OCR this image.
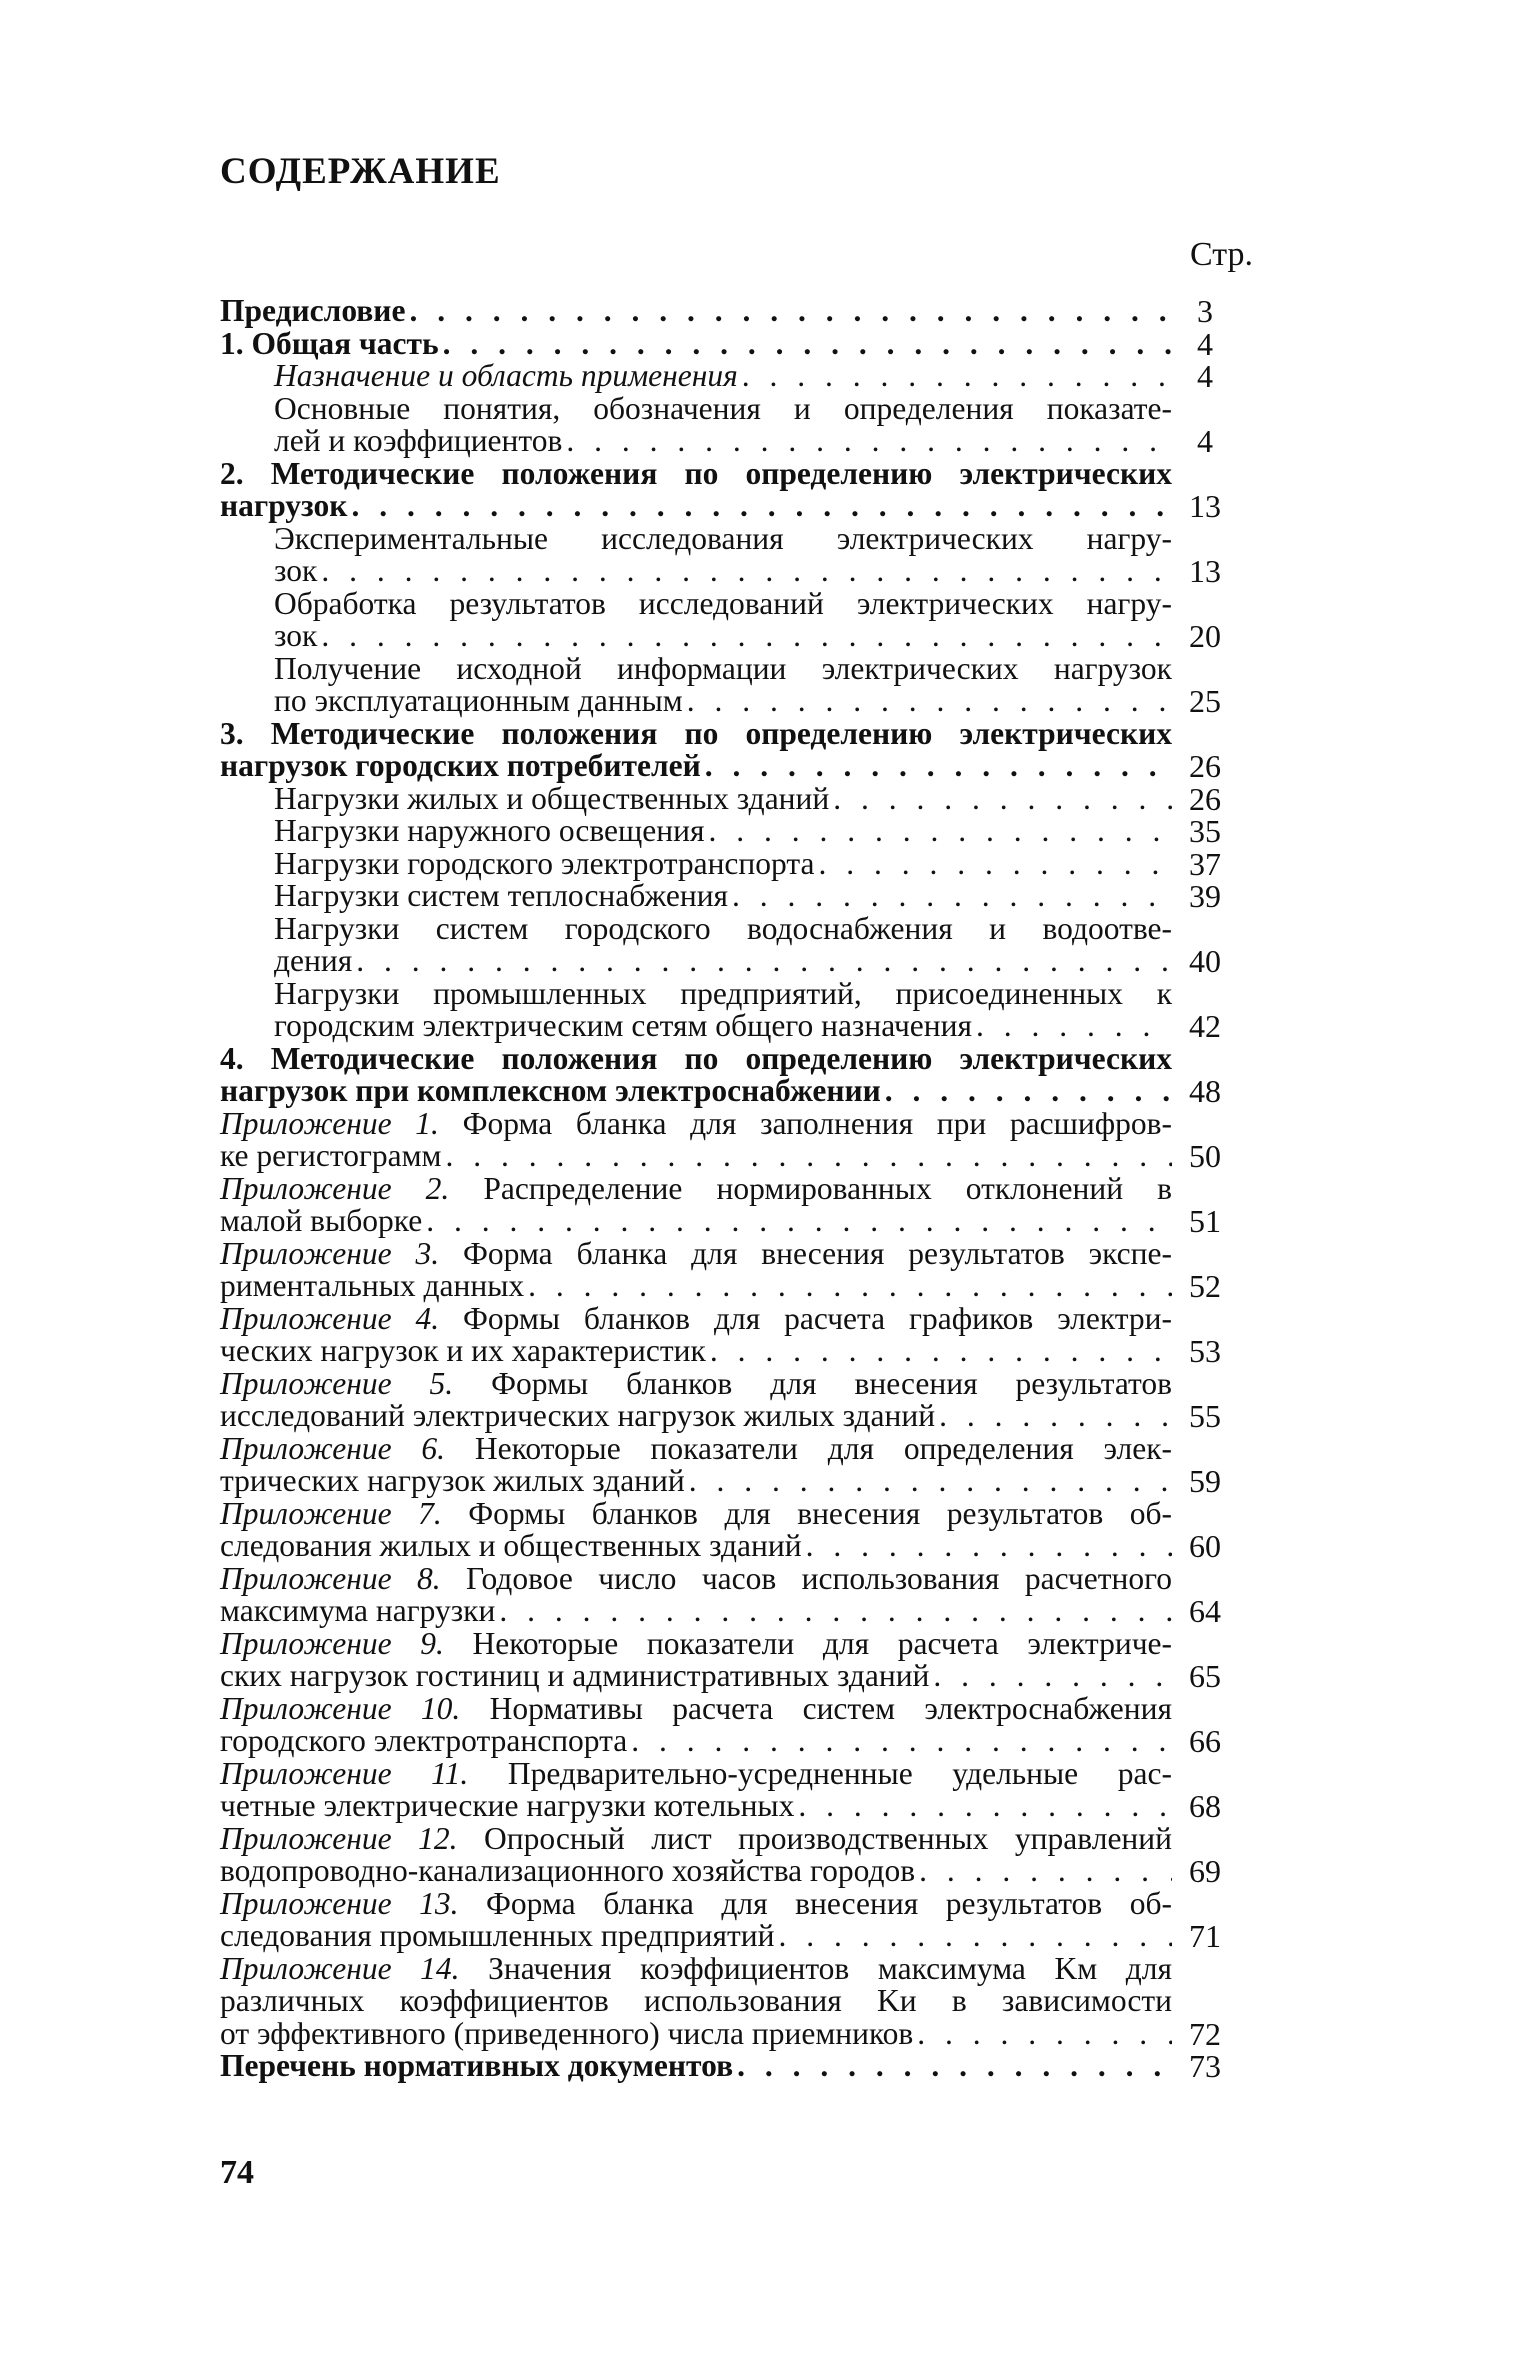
СОДЕРЖАНИЕ
Стр.
Предисловие . . .	3
1. Общая часть . . .	4
Назначение и область применения . . .	4
Основные понятия, обозначения и определения показате-
лей и коэффициентов . . .	4
2. Методические положения по определению электрических
нагрузок . . .	13
Экспериментальные исследования электрических нагру-
зок . . .	13
Обработка результатов исследований электрических нагру-
зок . . .	20
Получение исходной информации электрических нагрузок
по эксплуатационным данным . . .	25
3. Методические положения по определению электрических
нагрузок городских потребителей . . .	26
Нагрузки жилых и общественных зданий . . .	26
Нагрузки наружного освещения . . .	35
Нагрузки городского электротранспорта . . .	37
Нагрузки систем теплоснабжения . . .	39
Нагрузки систем городского водоснабжения и водоотве-
дения . . .	40
Нагрузки промышленных предприятий, присоединенных к
городским электрическим сетям общего назначения . . .	42
4. Методические положения по определению электрических
нагрузок при комплексном электроснабжении . . .	48
Приложение 1. Форма бланка для заполнения при расшифров-
ке регистограмм . . .	50
Приложение 2. Распределение нормированных отклонений в
малой выборке . . .	51
Приложение 3. Форма бланка для внесения результатов экспе-
риментальных данных . . .	52
Приложение 4. Формы бланков для расчета графиков электри-
ческих нагрузок и их характеристик . . .	53
Приложение 5. Формы бланков для внесения результатов
исследований электрических нагрузок жилых зданий . . .	55
Приложение 6. Некоторые показатели для определения элек-
трических нагрузок жилых зданий . . .	59
Приложение 7. Формы бланков для внесения результатов об-
следования жилых и общественных зданий . . .	60
Приложение 8. Годовое число часов использования расчетного
максимума нагрузки . . .	64
Приложение 9. Некоторые показатели для расчета электриче-
ских нагрузок гостиниц и административных зданий . . .	65
Приложение 10. Нормативы расчета систем электроснабжения
городского электротранспорта . . .	66
Приложение 11. Предварительно-усредненные удельные рас-
четные электрические нагрузки котельных . . .	68
Приложение 12. Опросный лист производственных управлений
водопроводно-канализационного хозяйства городов . . .	69
Приложение 13. Форма бланка для внесения результатов об-
следования промышленных предприятий . . .	71
Приложение 14. Значения коэффициентов максимума Kм для
различных коэффициентов использования Kи в зависимости
от эффективного (приведенного) числа приемников . . .	72
Перечень нормативных документов . . .	73
74
